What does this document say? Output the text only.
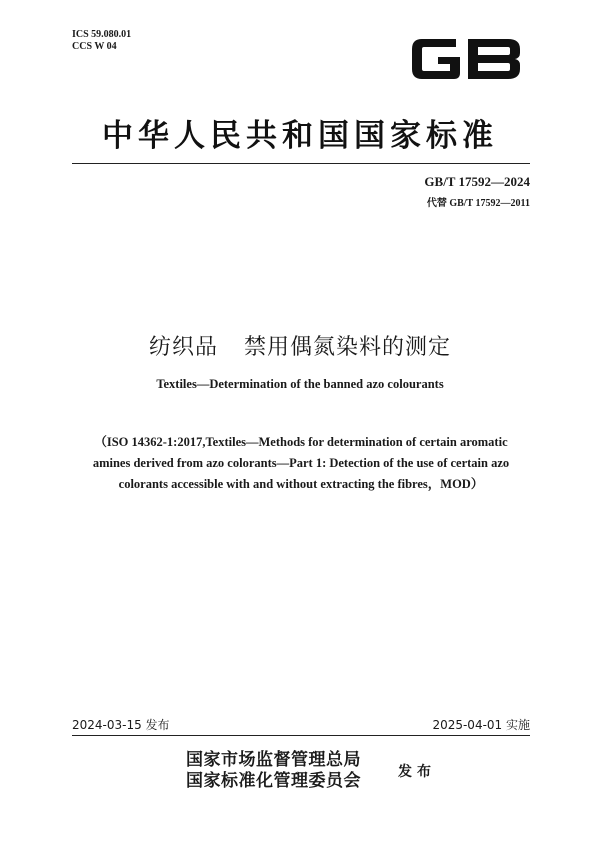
ICS 59.080.01
CCS W 04
中华人民共和国国家标准
GB/T 17592—2024
代替 GB/T 17592—2011
纺织品 禁用偶氮染料的测定
Textiles—Determination of the banned azo colourants
（ISO 14362-1:2017,Textiles—Methods for determination of certain aromatic
amines derived from azo colorants—Part 1: Detection of the use of certain azo
colorants accessible with and without extracting the fibres，MOD）
2024-03-15 发布	2025-04-01 实施
国家市场监督管理总局
国家标准化管理委员会	发布
